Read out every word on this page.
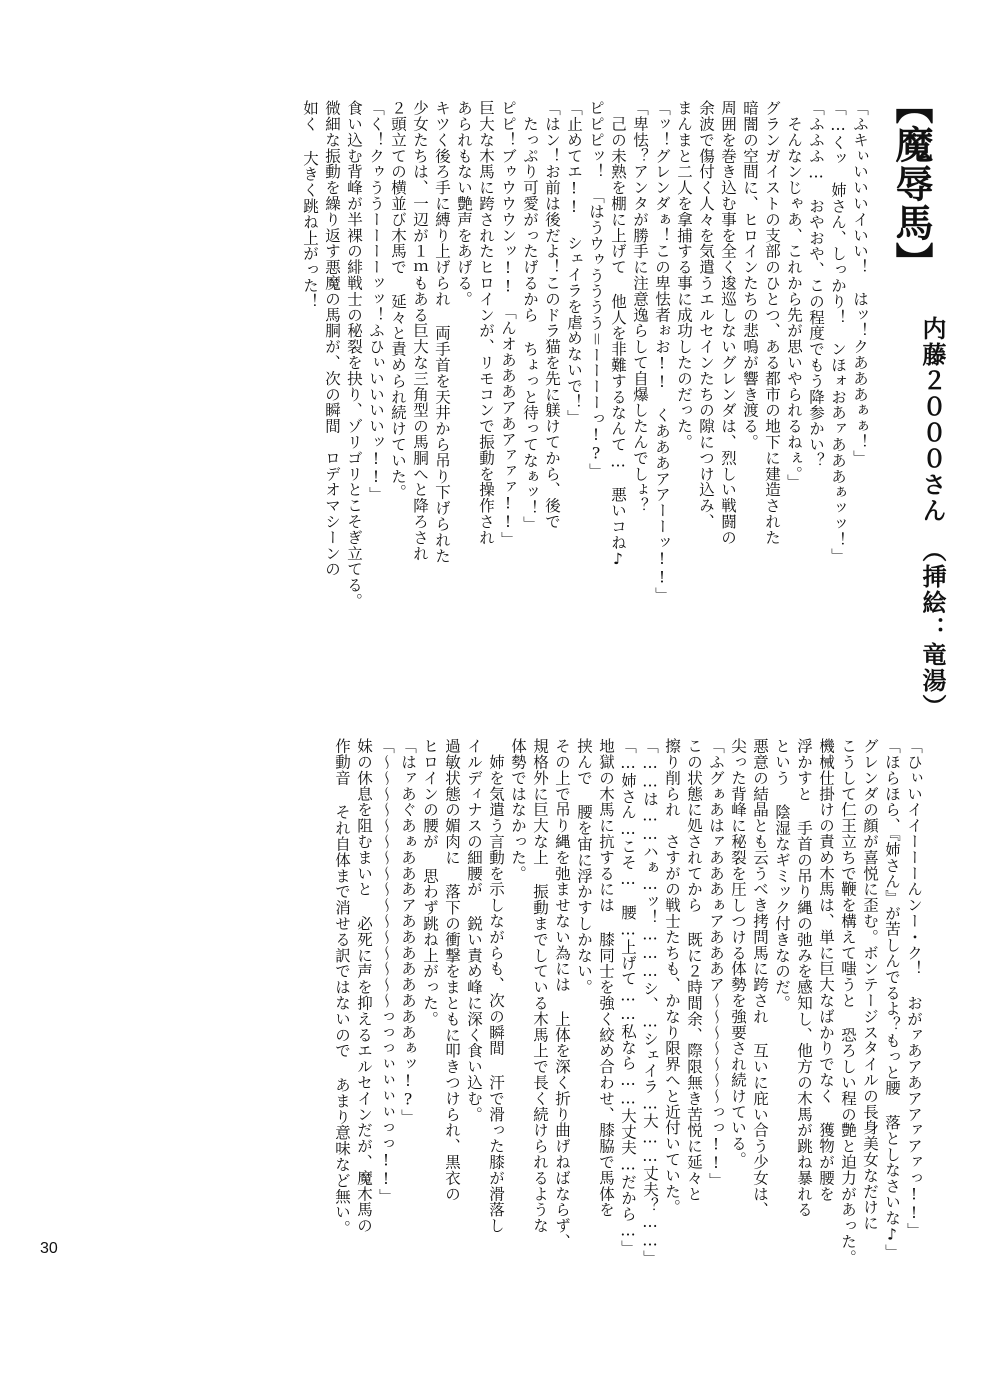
【魔辱馬】
内藤２０００さん　（挿絵：竜湯）
「ふキぃいいいイいい！　はッ！クあああぁぁ！」
「…くッ　姉さん、しっかり！　ンほォおあァあああぁッッ！」
「ふふふ…　おやおや、この程度でもう降参かい？
　そんなンじゃあ、これから先が思いやられるねぇ。」
グランガイストの支部のひとつ、ある都市の地下に建造された
暗闇の空間に、ヒロインたちの悲鳴が響き渡る。
周囲を巻き込む事を全く逡巡しないグレンダは、烈しい戦闘の
余波で傷付く人々を気遣うエルセインたちの隙につけ込み、
まんまと二人を拿捕する事に成功したのだった。
「ッ！グレンダぁ！この卑怯者ぉお!!　くあああアアーーッ!!」
「卑怯？アンタが勝手に注意逸らして自爆したんでしょ？
　己の未熟を棚に上げて 他人を非難するなんて…　悪いコね♪
ピピピッ！　「はうウゥうううう＝ーーーーっ!?」
「止めてエ!! シェイラを虐めないで！」
「はン！お前は後だよ！このドラ猫を先に躾けてから、後で
　たっぷり可愛がったげるから ちょっと待ってなぁッ！」
ピピ！ブゥウウウンッ!!　「んオあああアあアァァァ!!」
巨大な木馬に跨されたヒロインが、リモコンで振動を操作され
あられもない艶声をあげる。
キツく後ろ手に縛り上げられ 両手首を天井から吊り下げられた
少女たちは、一辺が１ｍもある巨大な三角型の馬胴へと降ろされ
２頭立ての横並び木馬で 延々と責められ続けていた。
「く！クゥううーーーーッッ！ふひぃいいいいッ!!」
食い込む背峰が半裸の緋戦士の秘裂を抉り、ゾリゴリとこそぎ立てる。
微細な振動を繰り返す悪魔の馬胴が、次の瞬間　ロデオマシーンの
如く 大きく跳ね上がった！
「ひぃいイイーーーんンー・ク！ おがァあアあアアァアァっ!!」
「ほらほら、『姉さん』が苦しんでるよ？もっと腰 落としなさいな♪」
グレンダの顔が喜悦に歪む。ボンテージスタイルの長身美女なだけに
こうして仁王立ちで鞭を構えて嗤うと 恐ろしい程の艶と迫力があった。
機械仕掛けの責め木馬は、単に巨大なばかりでなく 獲物が腰を
浮かすと 手首の吊り縄の弛みを感知し、他方の木馬が跳ね暴れる
という 陰湿なギミック付きなのだ。
悪意の結晶とも云うべき拷問馬に跨され 互いに庇い合う少女は、
尖った背峰に秘裂を圧しつける体勢を強要され続けている。
「ふグぁあはァあああぁアあああア〜〜〜〜〜〜〜っっ!!」
この状態に処されてから 既に２時間余、際限無き苦悦に延々と
擦り削られ　さすがの戦士たちも、かなり限界へと近付いていた。
「……は……ハぁ…ッ！………シ、…シェイラ…大……丈夫？……」
「…姉さん…こそ…　腰…上げて……私なら……大丈夫…だから…」
地獄の木馬に抗するには 膝同士を強く絞め合わせ、膝脇で馬体を
挟んで 腰を宙に浮かすしかない。
その上で吊り縄を弛ませない為には 上体を深く折り曲げねばならず、
規格外に巨大な上 振動までしている木馬上で長く続けられるような
体勢ではなかった。
　姉を気遣う言動を示しながらも、次の瞬間 汗で滑った膝が滑落し
イルディナスの細腰が 鋭い責め峰に深く食い込む。
過敏状態の媚肉に 落下の衝撃をまともに叩きつけられ、黒衣の
ヒロインの腰が 思わず跳ね上がった。
「はァあぐあぁあああアああああああああぁッ!?」
「〜〜〜〜〜〜〜〜〜〜〜〜〜〜〜〜っっっぃぃぃぃっっ!!」
妹の休息を阻むまいと 必死に声を抑えるエルセインだが、魔木馬の
作動音 それ自体まで消せる訳ではないので あまり意味など無い。
30
